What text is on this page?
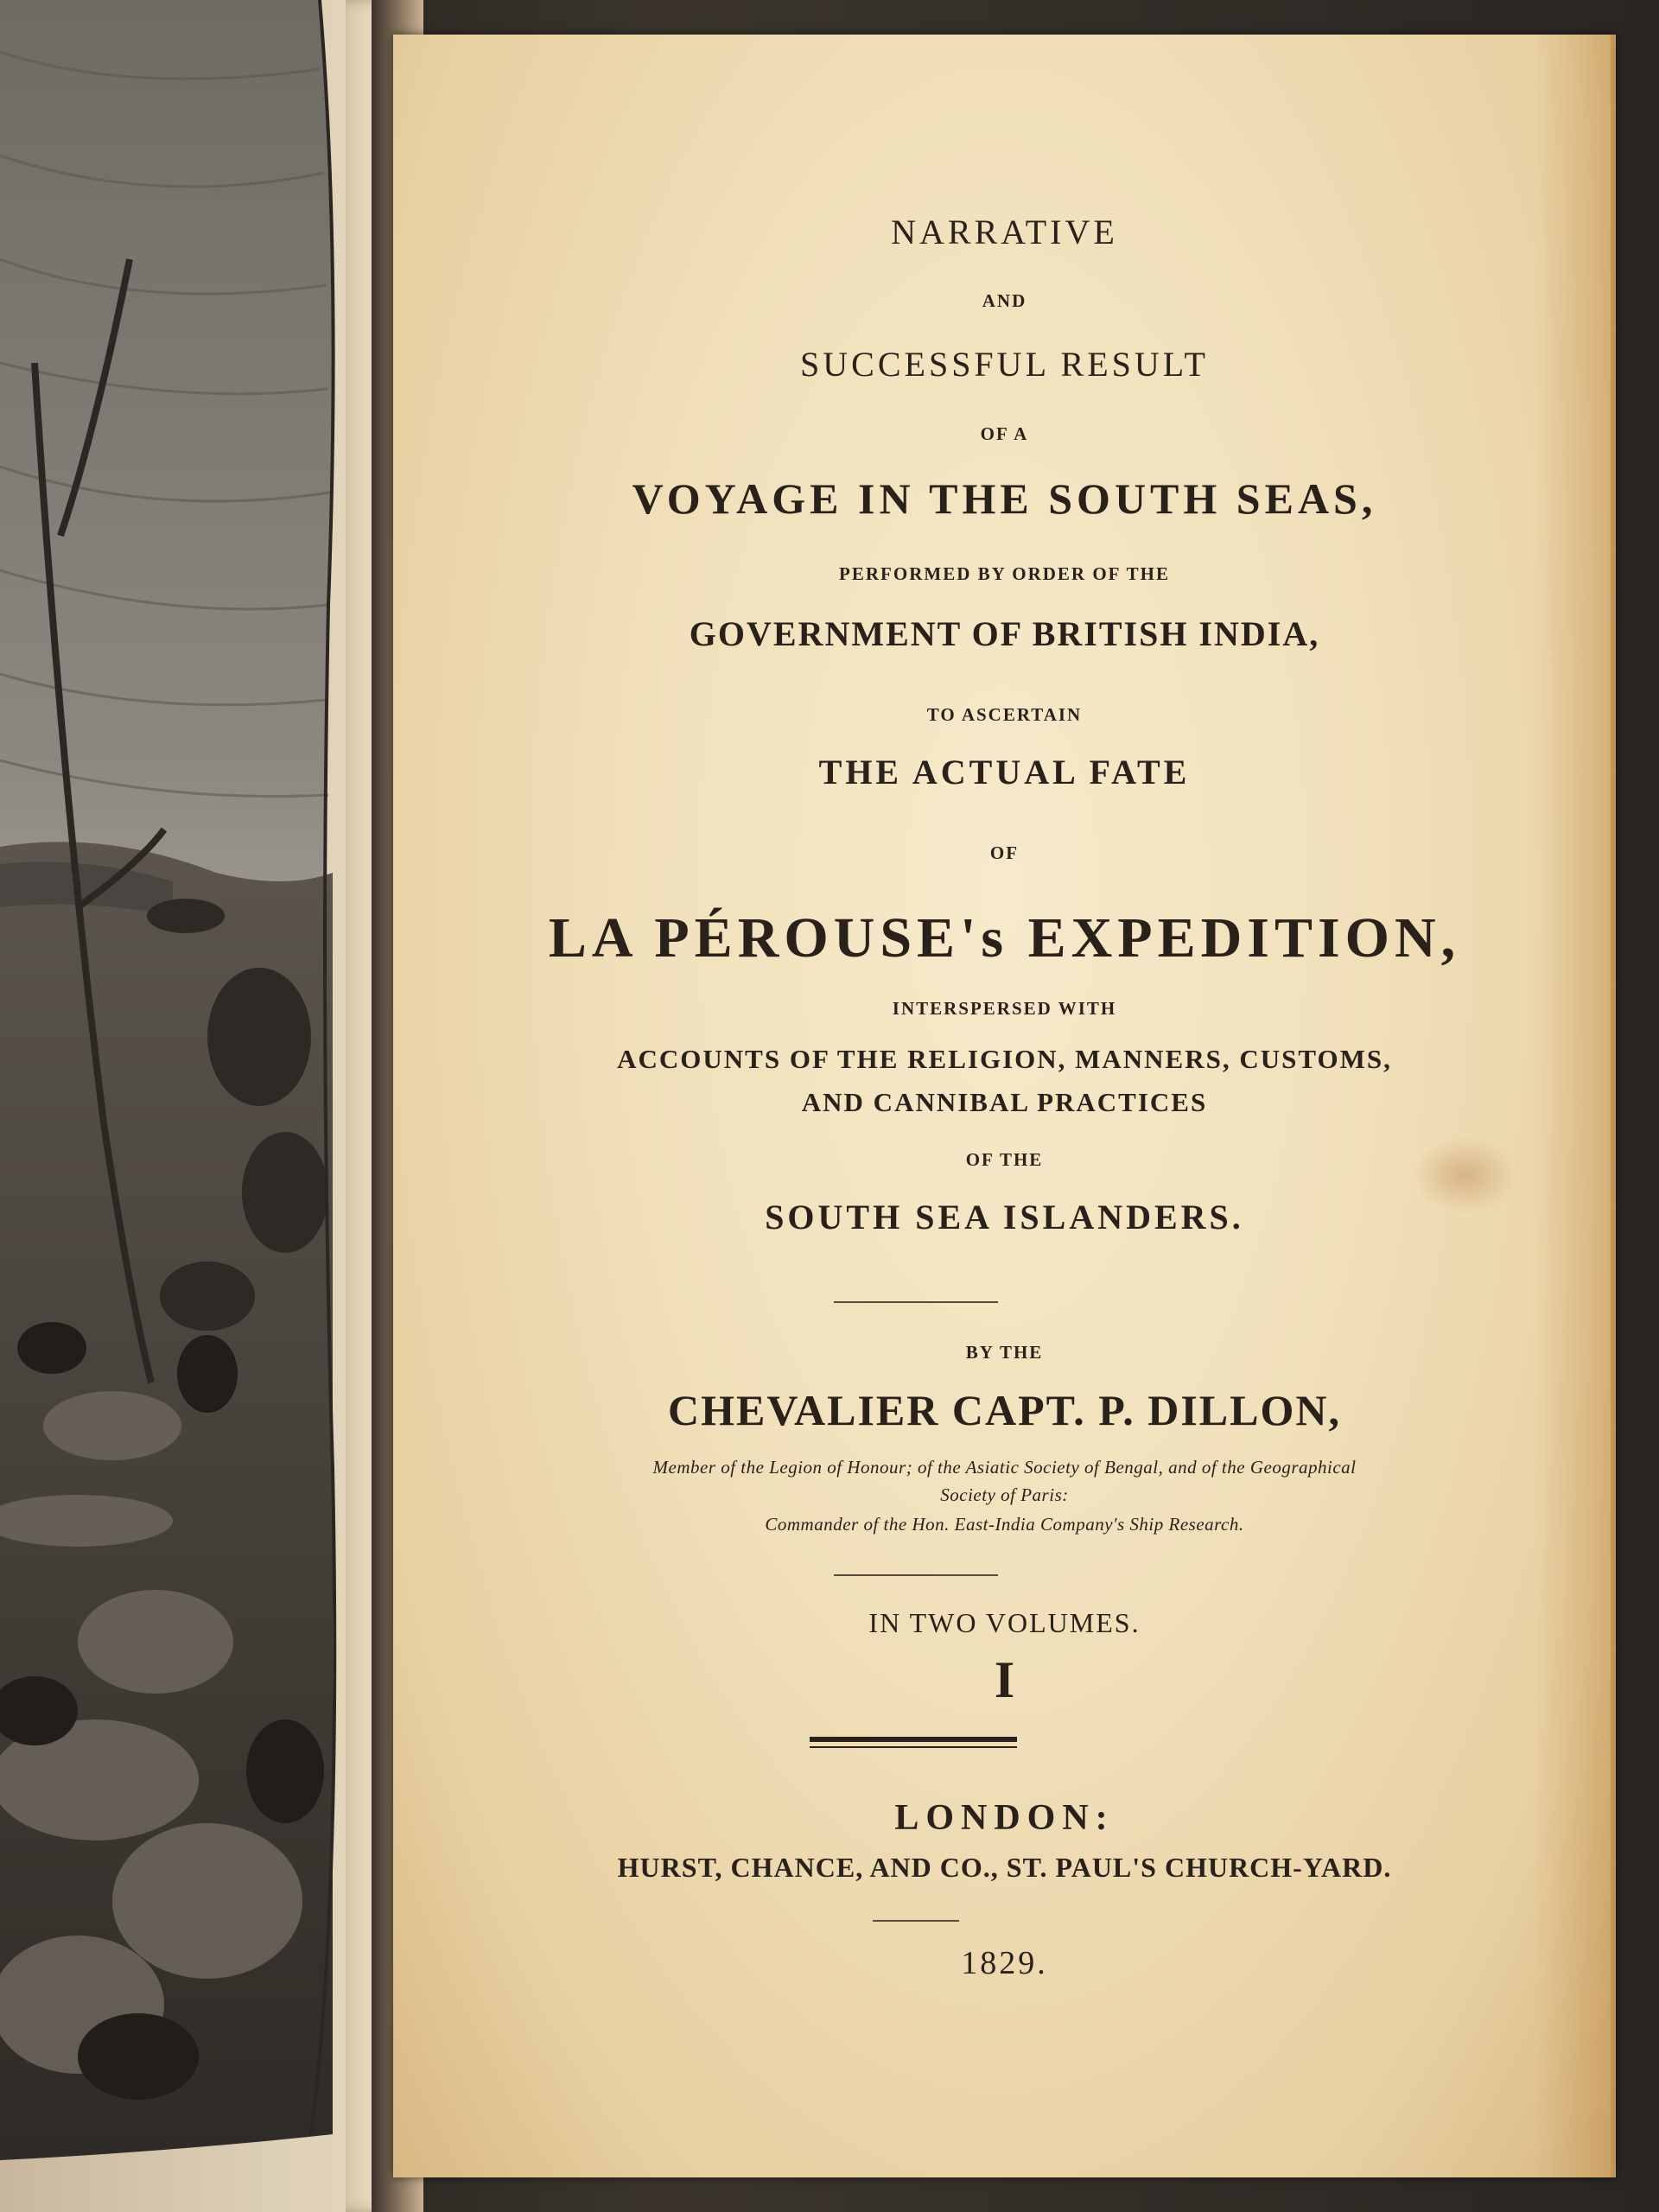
NARRATIVE
AND
SUCCESSFUL RESULT
OF A
VOYAGE IN THE SOUTH SEAS,
PERFORMED BY ORDER OF THE
GOVERNMENT OF BRITISH INDIA,
TO ASCERTAIN
THE ACTUAL FATE
OF
LA PÉROUSE's EXPEDITION,
INTERSPERSED WITH
ACCOUNTS OF THE RELIGION, MANNERS, CUSTOMS,
AND CANNIBAL PRACTICES
OF THE
SOUTH SEA ISLANDERS.
BY THE
CHEVALIER CAPT. P. DILLON,
Member of the Legion of Honour; of the Asiatic Society of Bengal, and of the Geographical
Society of Paris:
Commander of the Hon. East-India Company's Ship Research.
IN TWO VOLUMES.
I
LONDON:
HURST, CHANCE, AND CO., ST. PAUL'S CHURCH-YARD.
1829.
